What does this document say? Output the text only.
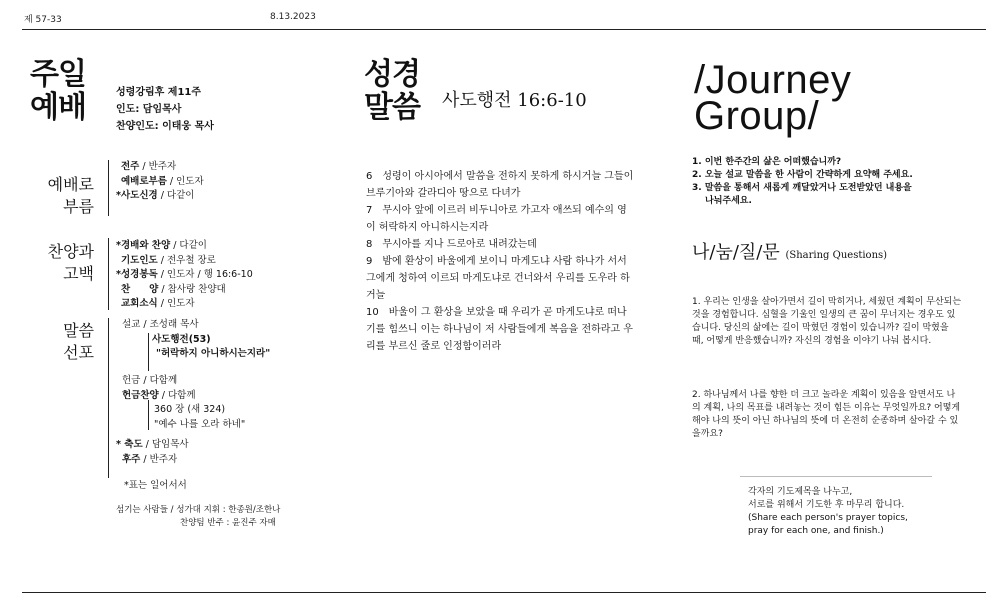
제 57-33	8.13.2023
주일
예배	성령강림후 제11주
인도: 담임목사
찬양인도: 이태웅 목사
예배로
부름
전주 / 반주자
예배로부름 / 인도자
*사도신경 / 다같이
찬양과
고백
*경배와 찬양 / 다같이
기도인도 / 전우철 장로
*성경봉독 / 인도자 / 행 16:6-10
찬　　양 / 참사랑 찬양대
교회소식 / 인도자
말씀
선포
설교 / 조성래 목사
사도행전(53)
"허락하지 아니하시는지라"
헌금 / 다함께
헌금찬양 / 다함께
360 장 (새 324)
"예수 나를 오라 하네"
* 축도 / 담임목사
후주 / 반주자
*표는 일어서서
섬기는 사람들 / 성가대 지휘 : 한종원/조한나
찬양팀 반주 : 윤진주 자매
성경
말씀 사도행전 16:6-10
6　성령이 아시아에서 말씀을 전하지 못하게 하시거늘 그들이 브루기아와 갈라디아 땅으로 다녀가
7　무시아 앞에 이르러 비두니아로 가고자 애쓰되 예수의 영이 허락하지 아니하시는지라
8　무시아를 지나 드로아로 내려갔는데
9　밤에 환상이 바울에게 보이니 마게도냐 사람 하나가 서서 그에게 청하여 이르되 마게도냐로 건너와서 우리를 도우라 하거늘
10　바울이 그 환상을 보았을 때 우리가 곧 마게도냐로 떠나기를 힘쓰니 이는 하나님이 저 사람들에게 복음을 전하라고 우리를 부르신 줄로 인정함이러라
/Journey
Group/
1. 이번 한주간의 삶은 어떠했습니까?
2. 오늘 설교 말씀을 한 사람이 간략하게 요약해 주세요.
3. 말씀을 통해서 새롭게 깨달았거나 도전받았던 내용을
나눠주세요.
나/눔/질/문 (Sharing Questions)
1. 우리는 인생을 살아가면서 길이 막히거나, 세웠던 계획이 무산되는 것을 경험합니다. 심혈을 기울인 일생의 큰 꿈이 무너지는 경우도 있습니다. 당신의 삶에는 길이 막혔던 경험이 있습니까? 길이 막혔을 때, 어떻게 반응했습니까? 자신의 경험을 이야기 나눠 봅시다.
2. 하나님께서 나를 향한 더 크고 놀라운 계획이 있음을 알면서도 나의 계획, 나의 목표를 내려놓는 것이 힘든 이유는 무엇일까요? 어떻게 해야 나의 뜻이 아닌 하나님의 뜻에 더 온전히 순종하며 살아갈 수 있을까요?
각자의 기도제목을 나누고,
서로를 위해서 기도한 후 마무리 합니다.
(Share each person's prayer topics,
pray for each one, and finish.)
